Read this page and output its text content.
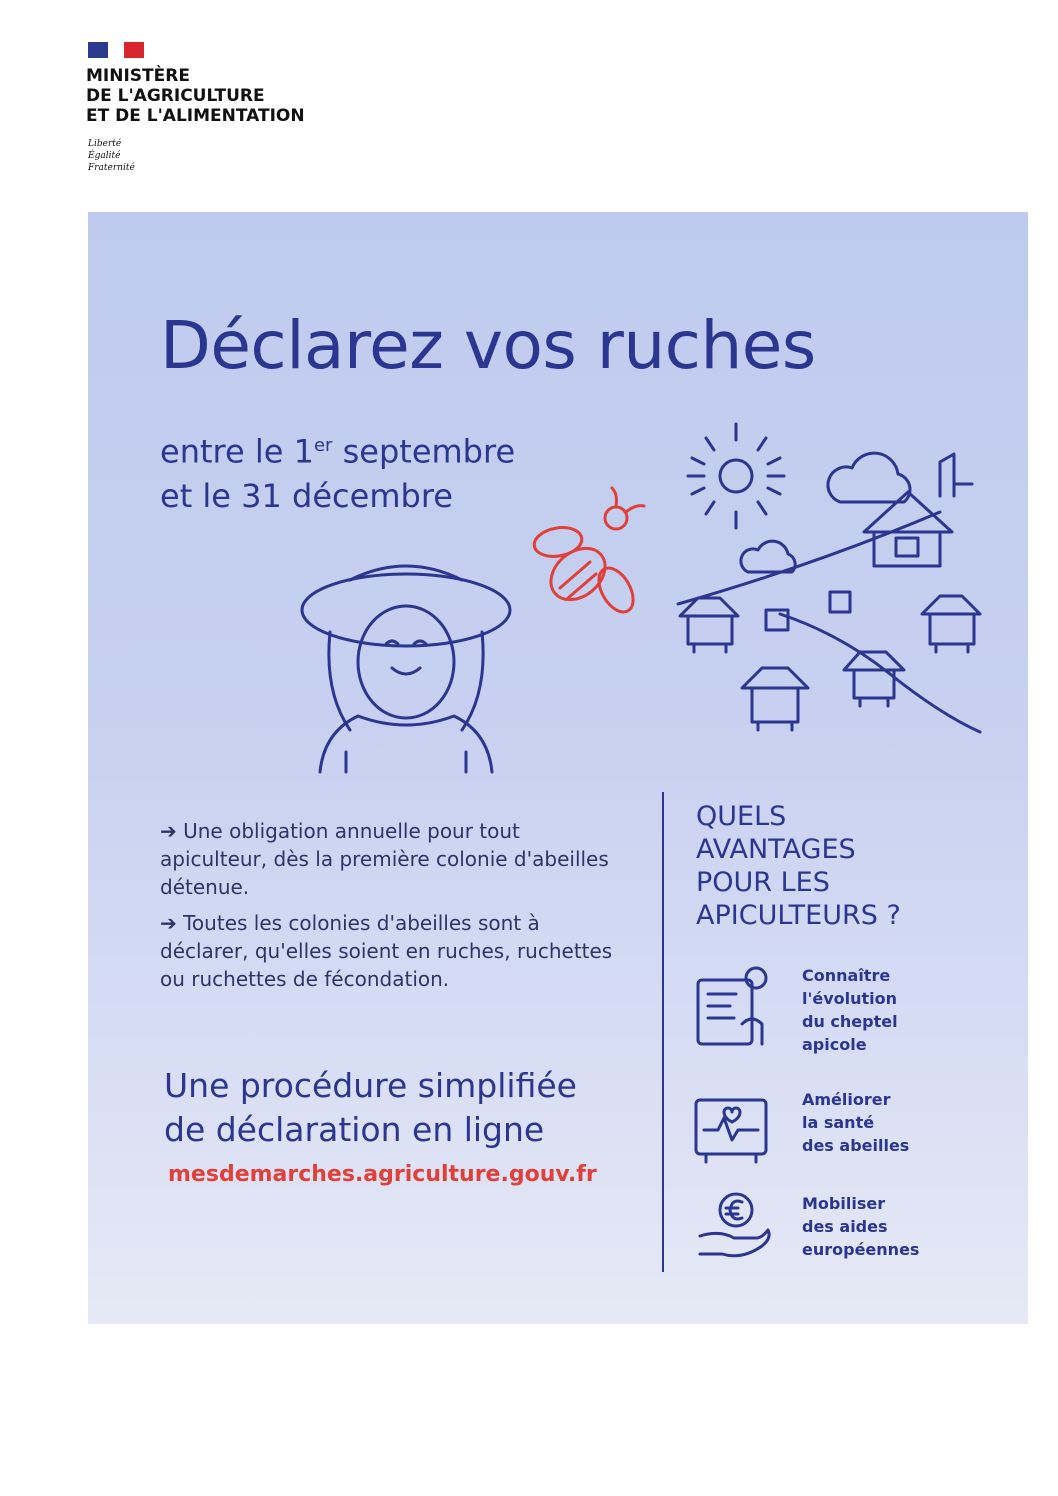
MINISTÈRE
DE L'AGRICULTURE
ET DE L'ALIMENTATION
Liberté
Égalité
Fraternité
Déclarez vos ruches
entre le 1er septembre
et le 31 décembre

➔ Une obligation annuelle pour tout apiculteur, dès la première colonie d'abeilles détenue.

➔ Toutes les colonies d'abeilles sont à déclarer, qu'elles soient en ruches, ruchettes ou ruchettes de fécondation.

Une procédure simplifiée
de déclaration en ligne
mesdemarches.agriculture.gouv.fr
QUELS
AVANTAGES
POUR LES
APICULTEURS ?
Connaître
l'évolution
du cheptel
apicole
Améliorer
la santé
des abeilles
Mobiliser
des aides
européennes
